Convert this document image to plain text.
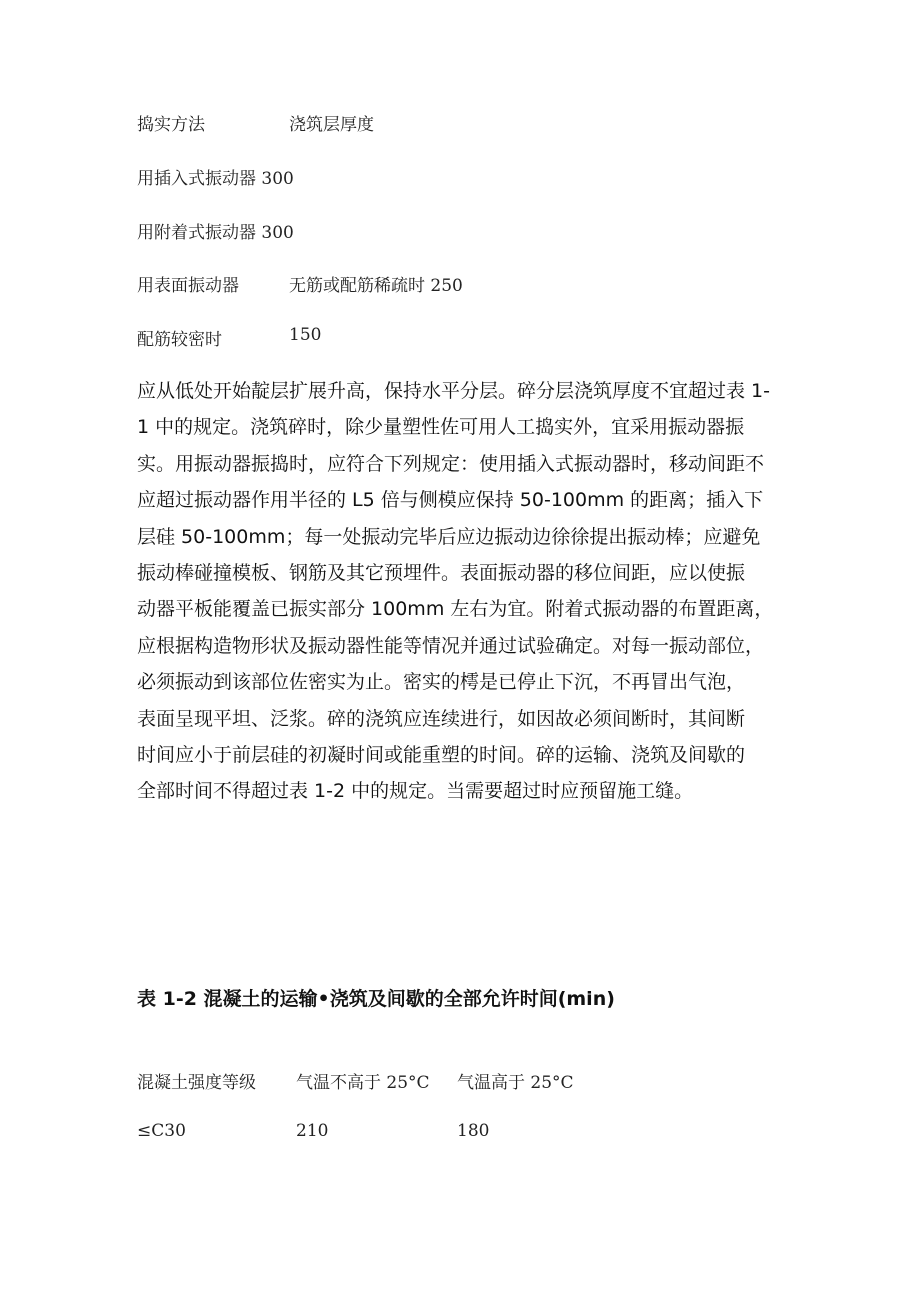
捣实方法	浇筑层厚度
用插入式振动器 300
用附着式振动器 300
用表面振动器	无筋或配筋稀疏时 250
配筋较密时	150
应从低处开始靛层扩展升高，保持水平分层。碎分层浇筑厚度不宜超过表 1-
1 中的规定。浇筑碎时，除少量塑性佐可用人工捣实外，宜采用振动器振
实。用振动器振捣时，应符合下列规定：使用插入式振动器时，移动间距不
应超过振动器作用半径的 L5 倍与侧模应保持 50-100mm 的距离；插入下
层硅 50-100mm；每一处振动完毕后应边振动边徐徐提出振动棒；应避免
振动棒碰撞模板、钢筋及其它预埋件。表面振动器的移位间距，应以使振
动器平板能覆盖已振实部分 100mm 左右为宜。附着式振动器的布置距离，
应根据构造物形状及振动器性能等情况并通过试验确定。对每一振动部位，
必须振动到该部位佐密实为止。密实的樗是已停止下沉，不再冒出气泡，
表面呈现平坦、泛浆。碎的浇筑应连续进行，如因故必须间断时，其间断
时间应小于前层硅的初凝时间或能重塑的时间。碎的运输、浇筑及间歇的
全部时间不得超过表 1-2 中的规定。当需要超过时应预留施工缝。
表 1-2 混凝土的运输•浇筑及间歇的全部允许时间(min)
混凝土强度等级 气温不高于 25°C 气温高于 25°C
≤C30	210	180
